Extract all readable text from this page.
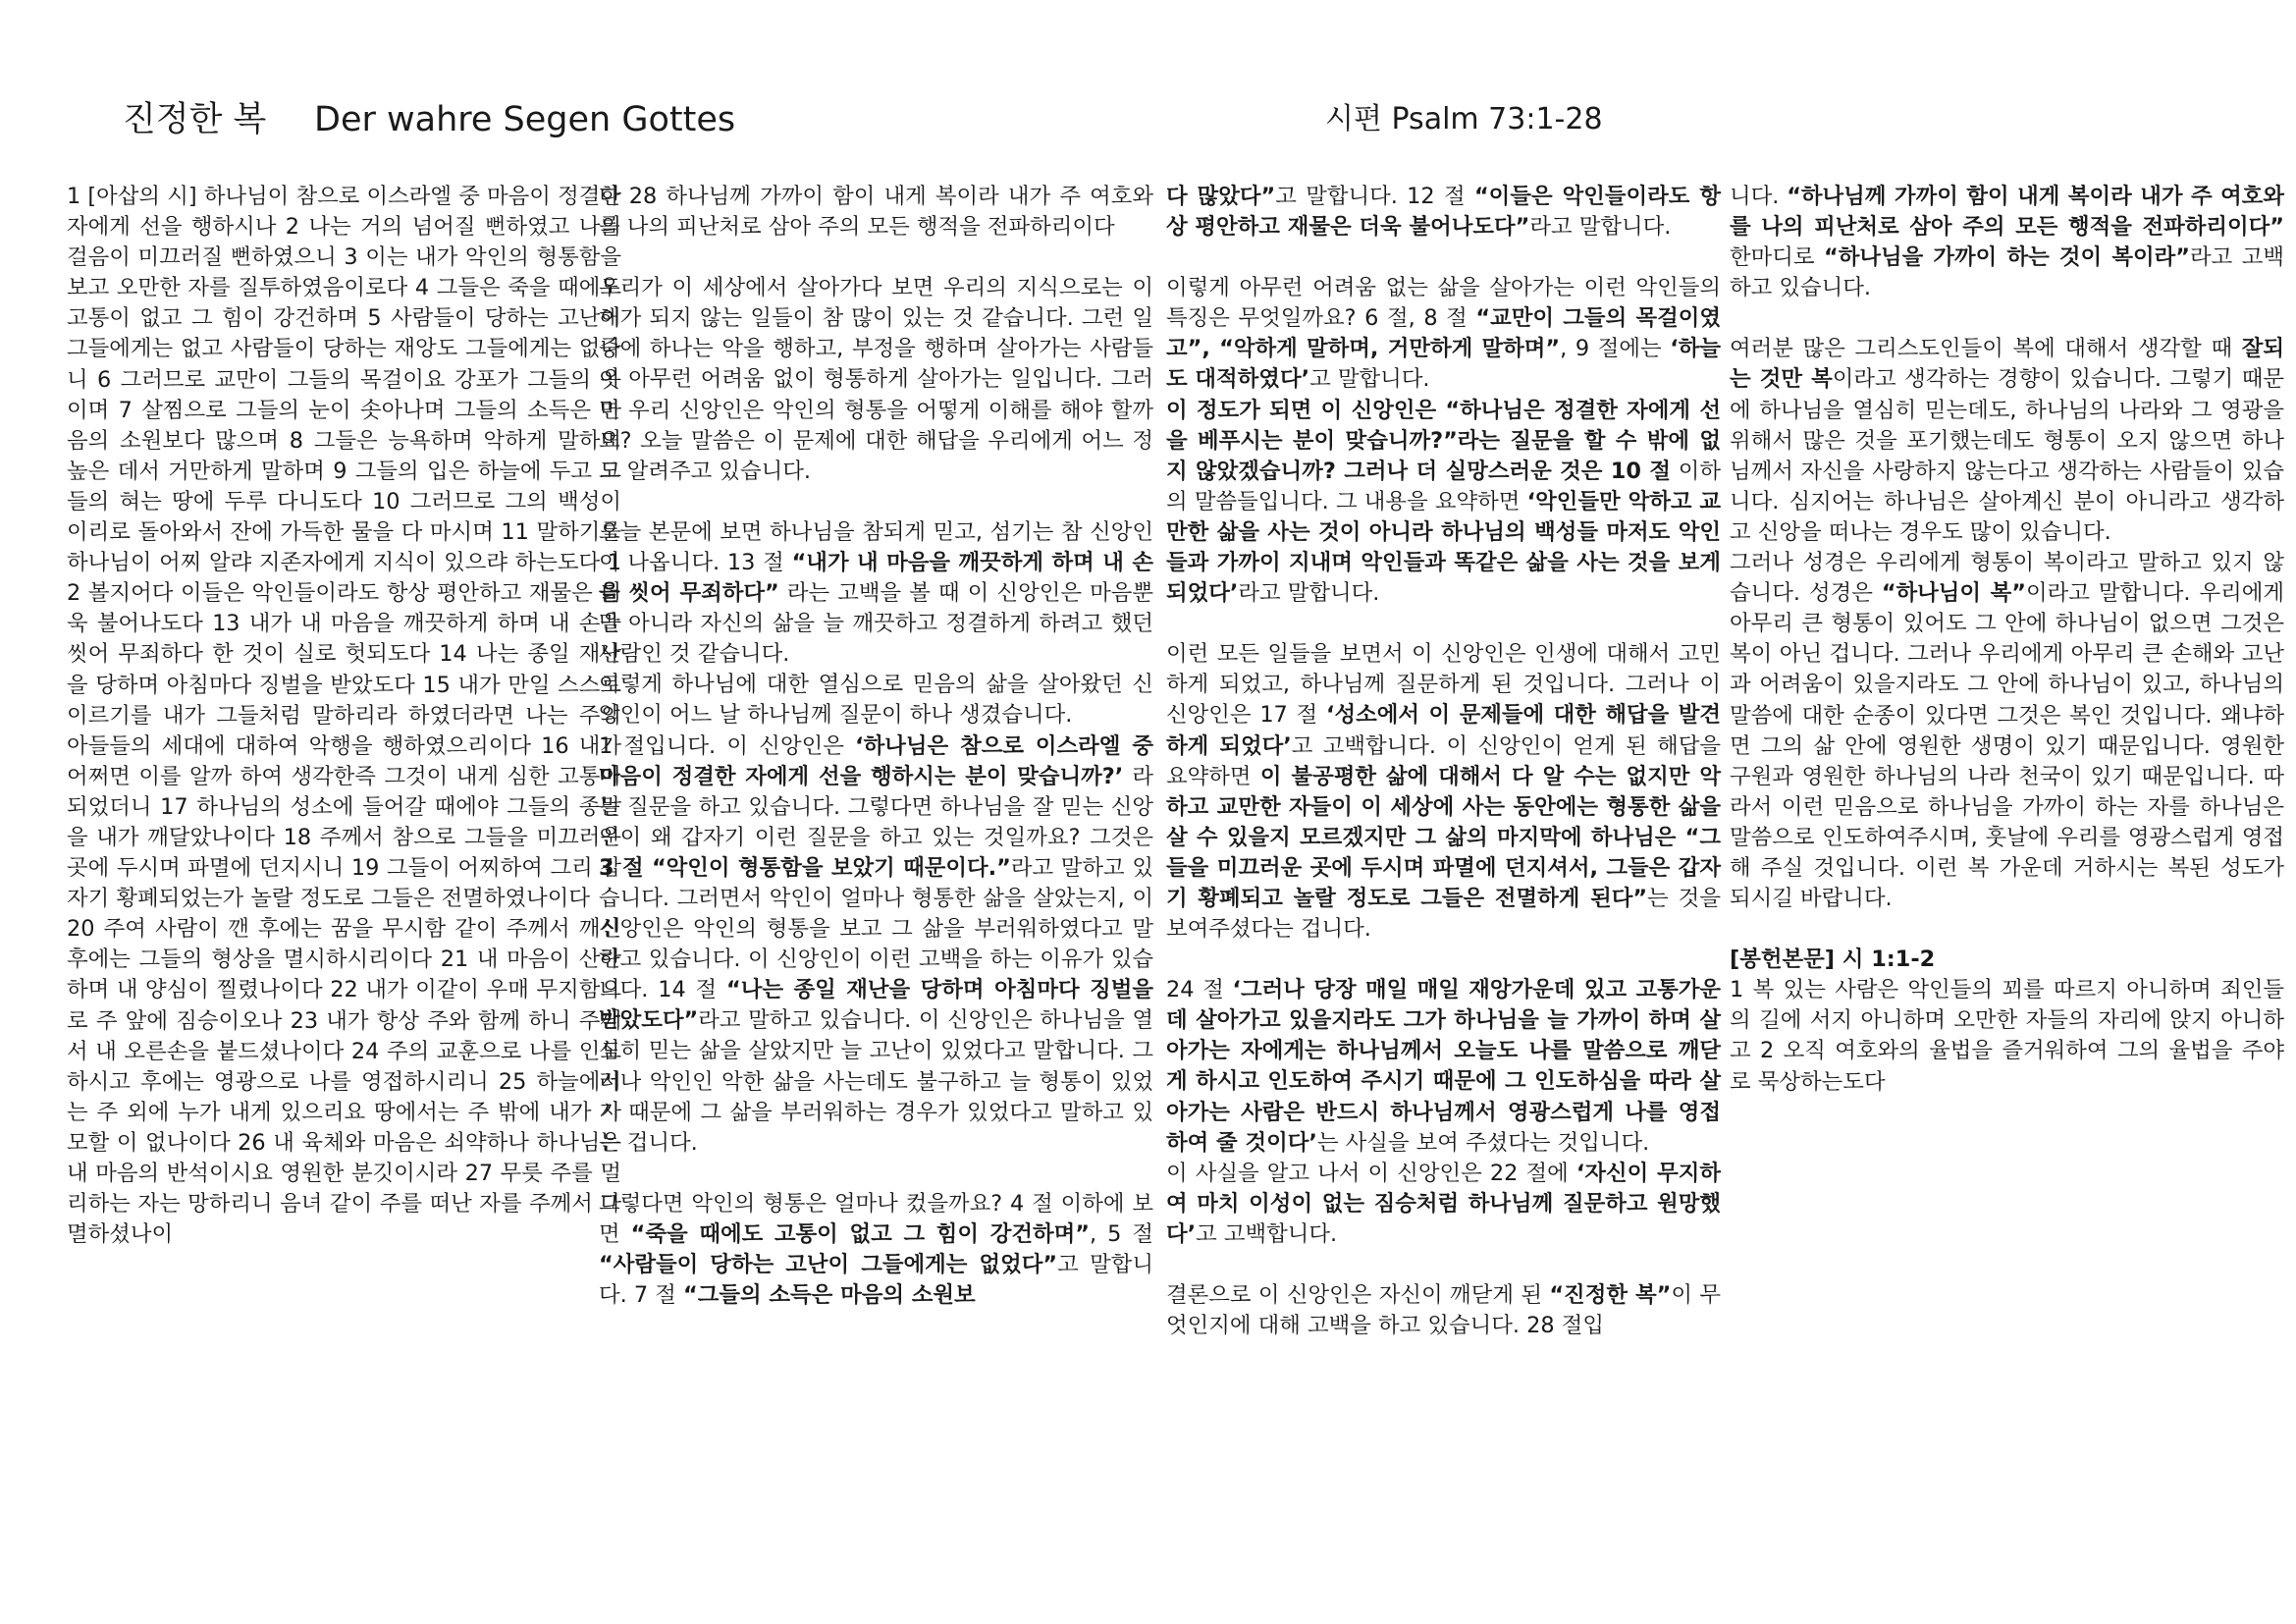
진정한 복 Der wahre Segen Gottes	시편 Psalm 73:1-28

1 [아삽의 시] 하나님이 참으로 이스라엘 중 마음이 정결한 자에게 선을 행하시나 2 나는 거의 넘어질 뻔하였고 나의 걸음이 미끄러질 뻔하였으니 3 이는 내가 악인의 형통함을 보고 오만한 자를 질투하였음이로다 4 그들은 죽을 때에도 고통이 없고 그 힘이 강건하며 5 사람들이 당하는 고난이 그들에게는 없고 사람들이 당하는 재앙도 그들에게는 없나니 6 그러므로 교만이 그들의 목걸이요 강포가 그들의 옷이며 7 살찜으로 그들의 눈이 솟아나며 그들의 소득은 마음의 소원보다 많으며 8 그들은 능욕하며 악하게 말하며 높은 데서 거만하게 말하며 9 그들의 입은 하늘에 두고 그들의 혀는 땅에 두루 다니도다 10 그러므로 그의 백성이 이리로 돌아와서 잔에 가득한 물을 다 마시며 11 말하기를 하나님이 어찌 알랴 지존자에게 지식이 있으랴 하는도다 12 볼지어다 이들은 악인들이라도 항상 평안하고 재물은 더욱 불어나도다 13 내가 내 마음을 깨끗하게 하며 내 손을 씻어 무죄하다 한 것이 실로 헛되도다 14 나는 종일 재난을 당하며 아침마다 징벌을 받았도다 15 내가 만일 스스로 이르기를 내가 그들처럼 말하리라 하였더라면 나는 주의 아들들의 세대에 대하여 악행을 행하였으리이다 16 내가 어쩌면 이를 알까 하여 생각한즉 그것이 내게 심한 고통이 되었더니 17 하나님의 성소에 들어갈 때에야 그들의 종말을 내가 깨달았나이다 18 주께서 참으로 그들을 미끄러운 곳에 두시며 파멸에 던지시니 19 그들이 어찌하여 그리 갑자기 황폐되었는가 놀랄 정도로 그들은 전멸하였나이다

20 주여 사람이 깬 후에는 꿈을 무시함 같이 주께서 깨신 후에는 그들의 형상을 멸시하시리이다 21 내 마음이 산란하며 내 양심이 찔렸나이다 22 내가 이같이 우매 무지함으로 주 앞에 짐승이오나 23 내가 항상 주와 함께 하니 주께서 내 오른손을 붙드셨나이다 24 주의 교훈으로 나를 인도하시고 후에는 영광으로 나를 영접하시리니 25 하늘에서는 주 외에 누가 내게 있으리요 땅에서는 주 밖에 내가 사모할 이 없나이다 26 내 육체와 마음은 쇠약하나 하나님은 내 마음의 반석이시요 영원한 분깃이시라 27 무릇 주를 멀리하는 자는 망하리니 음녀 같이 주를 떠난 자를 주께서 다 멸하셨나이

다 28 하나님께 가까이 함이 내게 복이라 내가 주 여호와를 나의 피난처로 삼아 주의 모든 행적을 전파하리이다

우리가 이 세상에서 살아가다 보면 우리의 지식으로는 이해가 되지 않는 일들이 참 많이 있는 것 같습니다. 그런 일중에 하나는 악을 행하고, 부정을 행하며 살아가는 사람들이 아무런 어려움 없이 형통하게 살아가는 일입니다. 그러면 우리 신앙인은 악인의 형통을 어떻게 이해를 해야 할까요? 오늘 말씀은 이 문제에 대한 해답을 우리에게 어느 정도 알려주고 있습니다.

오늘 본문에 보면 하나님을 참되게 믿고, 섬기는 참 신앙인이 나옵니다. 13 절 “내가 내 마음을 깨끗하게 하며 내 손을 씻어 무죄하다” 라는 고백을 볼 때 이 신앙인은 마음뿐만 아니라 자신의 삶을 늘 깨끗하고 정결하게 하려고 했던 사람인 것 같습니다.

이렇게 하나님에 대한 열심으로 믿음의 삶을 살아왔던 신앙인이 어느 날 하나님께 질문이 하나 생겼습니다.

1 절입니다. 이 신앙인은 ‘하나님은 참으로 이스라엘 중 마음이 정결한 자에게 선을 행하시는 분이 맞습니까?’ 라는 질문을 하고 있습니다. 그렇다면 하나님을 잘 믿는 신앙인이 왜 갑자기 이런 질문을 하고 있는 것일까요? 그것은 3 절 “악인이 형통함을 보았기 때문이다.”라고 말하고 있습니다. 그러면서 악인이 얼마나 형통한 삶을 살았는지, 이 신앙인은 악인의 형통을 보고 그 삶을 부러워하였다고 말하고 있습니다. 이 신앙인이 이런 고백을 하는 이유가 있습니다. 14 절 “나는 종일 재난을 당하며 아침마다 징벌을 받았도다”라고 말하고 있습니다. 이 신앙인은 하나님을 열심히 믿는 삶을 살았지만 늘 고난이 있었다고 말합니다. 그러나 악인인 악한 삶을 사는데도 불구하고 늘 형통이 있었기 때문에 그 삶을 부러워하는 경우가 있었다고 말하고 있는 겁니다.

그렇다면 악인의 형통은 얼마나 컸을까요? 4 절 이하에 보면 “죽을 때에도 고통이 없고 그 힘이 강건하며”, 5 절 “사람들이 당하는 고난이 그들에게는 없었다”고 말합니다. 7 절 “그들의 소득은 마음의 소원보

다 많았다”고 말합니다. 12 절 “이들은 악인들이라도 항상 평안하고 재물은 더욱 불어나도다”라고 말합니다.

이렇게 아무런 어려움 없는 삶을 살아가는 이런 악인들의 특징은 무엇일까요? 6 절, 8 절 “교만이 그들의 목걸이였고”, “악하게 말하며, 거만하게 말하며”, 9 절에는 ‘하늘도 대적하였다’고 말합니다.

이 정도가 되면 이 신앙인은 “하나님은 정결한 자에게 선을 베푸시는 분이 맞습니까?”라는 질문을 할 수 밖에 없지 않았겠습니까? 그러나 더 실망스러운 것은 10 절 이하의 말씀들입니다. 그 내용을 요약하면 ‘악인들만 악하고 교만한 삶을 사는 것이 아니라 하나님의 백성들 마저도 악인들과 가까이 지내며 악인들과 똑같은 삶을 사는 것을 보게 되었다’라고 말합니다.

이런 모든 일들을 보면서 이 신앙인은 인생에 대해서 고민하게 되었고, 하나님께 질문하게 된 것입니다. 그러나 이 신앙인은 17 절 ‘성소에서 이 문제들에 대한 해답을 발견하게 되었다’고 고백합니다. 이 신앙인이 얻게 된 해답을 요약하면 이 불공평한 삶에 대해서 다 알 수는 없지만 악하고 교만한 자들이 이 세상에 사는 동안에는 형통한 삶을 살 수 있을지 모르겠지만 그 삶의 마지막에 하나님은 “그들을 미끄러운 곳에 두시며 파멸에 던지셔서, 그들은 갑자기 황폐되고 놀랄 정도로 그들은 전멸하게 된다”는 것을 보여주셨다는 겁니다.

24 절 ‘그러나 당장 매일 매일 재앙가운데 있고 고통가운데 살아가고 있을지라도 그가 하나님을 늘 가까이 하며 살아가는 자에게는 하나님께서 오늘도 나를 말씀으로 깨닫게 하시고 인도하여 주시기 때문에 그 인도하심을 따라 살아가는 사람은 반드시 하나님께서 영광스럽게 나를 영접하여 줄 것이다’는 사실을 보여 주셨다는 것입니다.

이 사실을 알고 나서 이 신앙인은 22 절에 ‘자신이 무지하여 마치 이성이 없는 짐승처럼 하나님께 질문하고 원망했다’고 고백합니다.

결론으로 이 신앙인은 자신이 깨닫게 된 “진정한 복”이 무엇인지에 대해 고백을 하고 있습니다. 28 절입

니다. “하나님께 가까이 함이 내게 복이라 내가 주 여호와를 나의 피난처로 삼아 주의 모든 행적을 전파하리이다” 한마디로 “하나님을 가까이 하는 것이 복이라”라고 고백하고 있습니다.

여러분 많은 그리스도인들이 복에 대해서 생각할 때 잘되는 것만 복이라고 생각하는 경향이 있습니다. 그렇기 때문에 하나님을 열심히 믿는데도, 하나님의 나라와 그 영광을 위해서 많은 것을 포기했는데도 형통이 오지 않으면 하나님께서 자신을 사랑하지 않는다고 생각하는 사람들이 있습니다. 심지어는 하나님은 살아계신 분이 아니라고 생각하고 신앙을 떠나는 경우도 많이 있습니다.

그러나 성경은 우리에게 형통이 복이라고 말하고 있지 않습니다. 성경은 “하나님이 복”이라고 말합니다. 우리에게 아무리 큰 형통이 있어도 그 안에 하나님이 없으면 그것은 복이 아닌 겁니다. 그러나 우리에게 아무리 큰 손해와 고난과 어려움이 있을지라도 그 안에 하나님이 있고, 하나님의 말씀에 대한 순종이 있다면 그것은 복인 것입니다. 왜냐하면 그의 삶 안에 영원한 생명이 있기 때문입니다. 영원한 구원과 영원한 하나님의 나라 천국이 있기 때문입니다. 따라서 이런 믿음으로 하나님을 가까이 하는 자를 하나님은 말씀으로 인도하여주시며, 훗날에 우리를 영광스럽게 영접해 주실 것입니다. 이런 복 가운데 거하시는 복된 성도가 되시길 바랍니다.

[봉헌본문] 시 1:1-2

1 복 있는 사람은 악인들의 꾀를 따르지 아니하며 죄인들의 길에 서지 아니하며 오만한 자들의 자리에 앉지 아니하고 2 오직 여호와의 율법을 즐거워하여 그의 율법을 주야로 묵상하는도다
